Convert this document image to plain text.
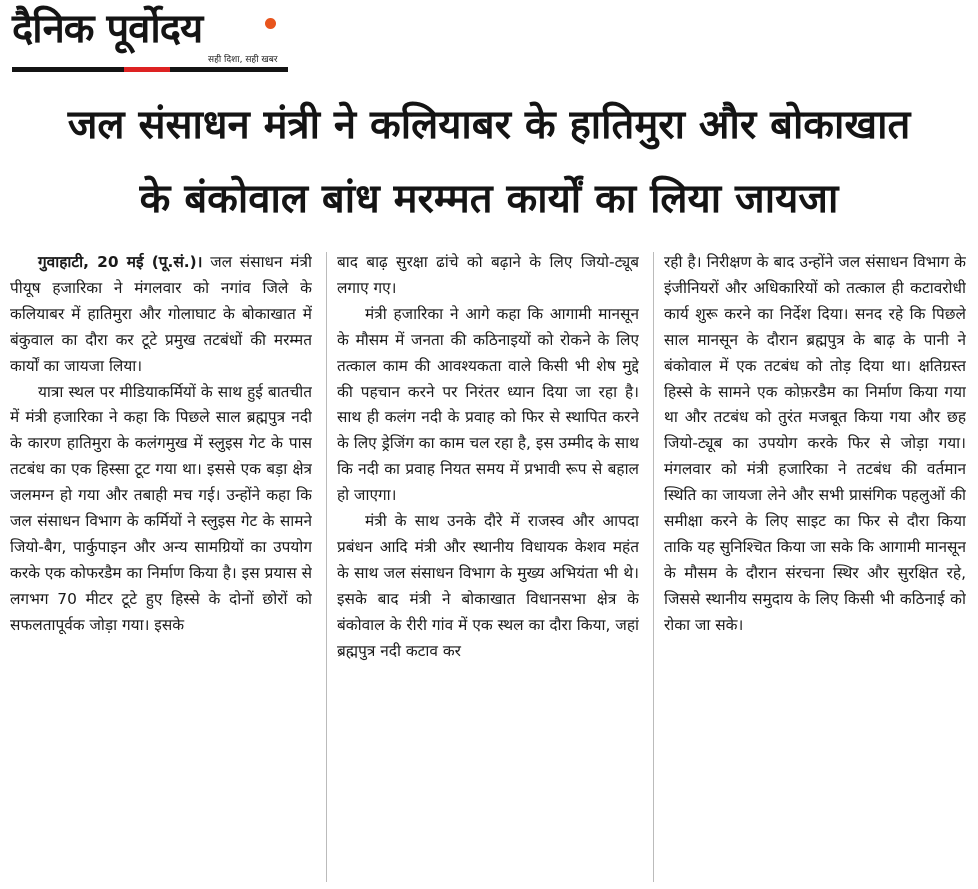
दैनिक पूर्वोदय
सही दिशा, सही खबर
जल संसाधन मंत्री ने कलियाबर के हातिमुरा और बोकाखात
के बंकोवाल बांध मरम्मत कार्यों का लिया जायजा

गुवाहाटी, 20 मई (पू.सं.)। जल संसाधन मंत्री पीयूष हजारिका ने मंगलवार को नगांव जिले के कलियाबर में हातिमुरा और गोलाघाट के बोकाखात में बंकुवाल का दौरा कर टूटे प्रमुख तटबंधों की मरम्मत कार्यों का जायजा लिया।

यात्रा स्थल पर मीडियाकर्मियों के साथ हुई बातचीत में मंत्री हजारिका ने कहा कि पिछले साल ब्रह्मपुत्र नदी के कारण हातिमुरा के कलंगमुख में स्लुइस गेट के पास तटबंध का एक हिस्सा टूट गया था। इससे एक बड़ा क्षेत्र जलमग्न हो गया और तबाही मच गई। उन्होंने कहा कि जल संसाधन विभाग के कर्मियों ने स्लुइस गेट के सामने जियो-बैग, पार्कुपाइन और अन्य सामग्रियों का उपयोग करके एक कोफरडैम का निर्माण किया है। इस प्रयास से लगभग 70 मीटर टूटे हुए हिस्से के दोनों छोरों को सफलतापूर्वक जोड़ा गया। इसके

बाद बाढ़ सुरक्षा ढांचे को बढ़ाने के लिए जियो-ट्यूब लगाए गए।

मंत्री हजारिका ने आगे कहा कि आगामी मानसून के मौसम में जनता की कठिनाइयों को रोकने के लिए तत्काल काम की आवश्यकता वाले किसी भी शेष मुद्दे की पहचान करने पर निरंतर ध्यान दिया जा रहा है। साथ ही कलंग नदी के प्रवाह को फिर से स्थापित करने के लिए ड्रेजिंग का काम चल रहा है, इस उम्मीद के साथ कि नदी का प्रवाह नियत समय में प्रभावी रूप से बहाल हो जाएगा।

मंत्री के साथ उनके दौरे में राजस्व और आपदा प्रबंधन आदि मंत्री और स्थानीय विधायक केशव महंत के साथ जल संसाधन विभाग के मुख्य अभियंता भी थे। इसके बाद मंत्री ने बोकाखात विधानसभा क्षेत्र के बंकोवाल के रीरी गांव में एक स्थल का दौरा किया, जहां ब्रह्मपुत्र नदी कटाव कर

रही है। निरीक्षण के बाद उन्होंने जल संसाधन विभाग के इंजीनियरों और अधिकारियों को तत्काल ही कटावरोधी कार्य शुरू करने का निर्देश दिया। सनद रहे कि पिछले साल मानसून के दौरान ब्रह्मपुत्र के बाढ़ के पानी ने बंकोवाल में एक तटबंध को तोड़ दिया था। क्षतिग्रस्त हिस्से के सामने एक कोफ़रडैम का निर्माण किया गया था और तटबंध को तुरंत मजबूत किया गया और छह जियो-ट्यूब का उपयोग करके फिर से जोड़ा गया। मंगलवार को मंत्री हजारिका ने तटबंध की वर्तमान स्थिति का जायजा लेने और सभी प्रासंगिक पहलुओं की समीक्षा करने के लिए साइट का फिर से दौरा किया ताकि यह सुनिश्चित किया जा सके कि आगामी मानसून के मौसम के दौरान संरचना स्थिर और सुरक्षित रहे, जिससे स्थानीय समुदाय के लिए किसी भी कठिनाई को रोका जा सके।
